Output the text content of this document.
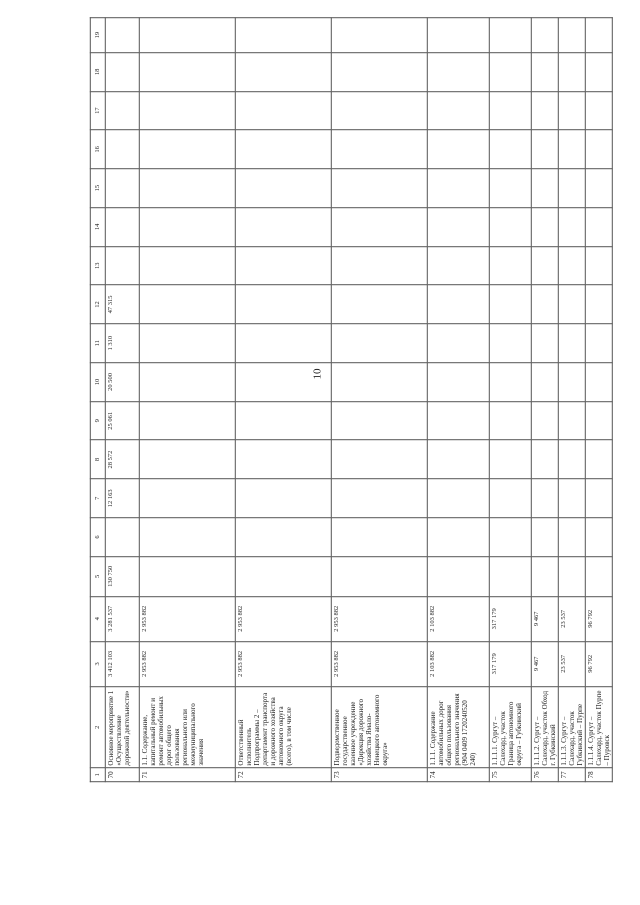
10
1	2	3	4	5	6	7	8	9	10	11	12	13	14	15	16	17	18	19
70	Основное мероприятие 1 «Осуществление дорожной деятельности»	3 412 103	3 281 537	130 750		12 163	28 572	25 061	20 500	1 310	47 315							
71	1.1. Содержание, капитальный ремонт и ремонт автомобильных дорог общего пользования регионального или межмуниципального значения	2 953 882	2 953 882															
72	Ответственный исполнитель Подпрограммы 2 – департамент транспорта и дорожного хозяйства автономного округа (всего), в том числе	2 953 882	2 953 882															
73	Подведомственное государственное казенное учреждение «Дирекция дорожного хозяйства Ямало-Ненецкого автономного округа»	2 953 882	2 953 882															
74	1.1.1. Содержание автомобильных дорог общего пользования регионального значения (904 0409 1720240520 240)	2 103 882	2 103 882															
75	1.1.1.1. Сургут – Салехард, участок Граница автономного округа – Губкинский	317 179	317 179															
76	1.1.1.2. Сургут – Салехард, участок Обход г. Губкинский	9 467	9 467															
77	1.1.1.3. Сургут – Салехард, участок Губкинский – Пурпе	23 537	23 537															
78	1.1.1.4. Сургут – Салехард, участок Пурпе – Пуровск	96 792	96 792															
